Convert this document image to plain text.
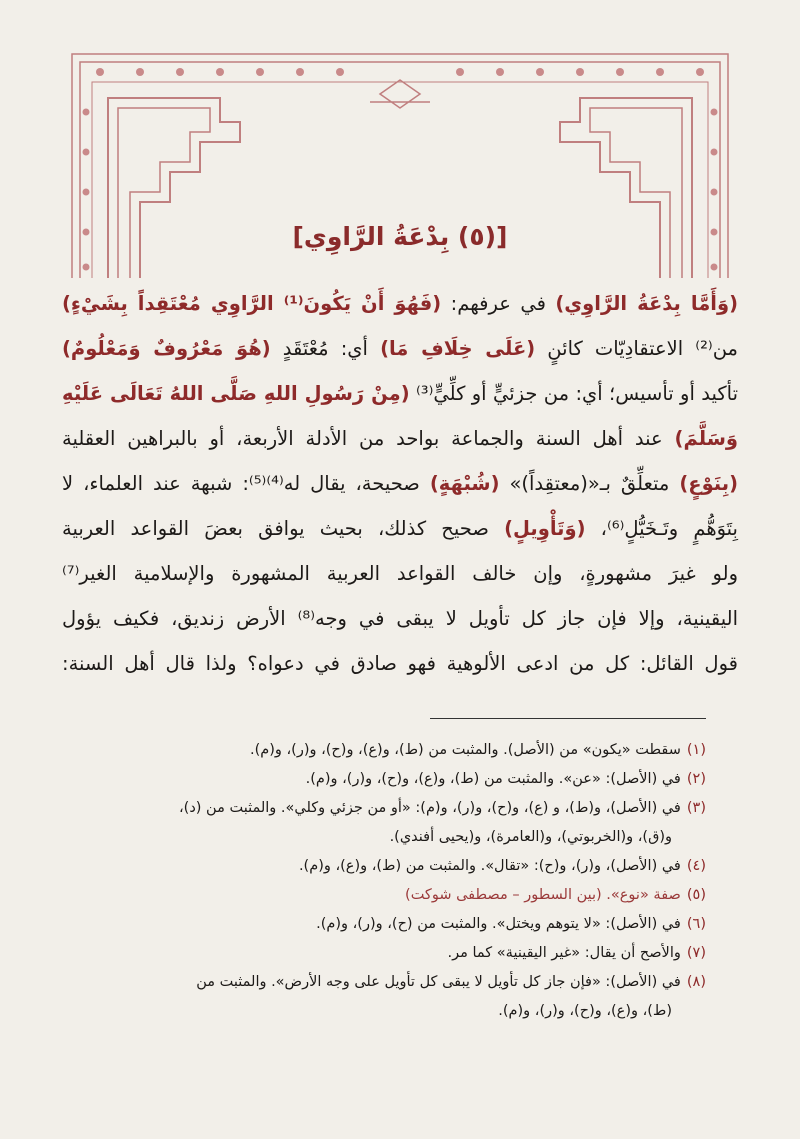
[(٥) بِدْعَةُ الرَّاوِي]
(وَأَمَّا بِدْعَةُ الرَّاوِي) في عرفهم: (فَهُوَ أَنْ يَكُونَ⁽¹⁾ الرَّاوِي مُعْتَقِداً بِشَيْءٍ)
من⁽²⁾ الاعتقادِيّات كائنٍ (عَلَى خِلَافِ مَا) أي: مُعْتَقَدٍ (هُوَ مَعْرُوفٌ وَمَعْلُومٌ)
تأكيد أو تأسيس؛ أي: من جزئيٍّ أو كلِّيٍّ⁽³⁾ (مِنْ رَسُولِ اللهِ صَلَّى اللهُ تَعَالَى عَلَيْهِ
وَسَلَّمَ) عند أهل السنة والجماعة بواحد من الأدلة الأربعة، أو بالبراهين العقلية
(بِنَوْعٍ) متعلِّقٌ بـ«(معتقِداً)» (شُبْهَةٍ) صحيحة، يقال له⁽⁴⁾⁽⁵⁾: شبهة عند العلماء، لا
بِتَوَهُّمٍ وتَـخَيُّلٍ⁽⁶⁾، (وَتَأْوِيلٍ) صحيح كذلك، بحيث يوافق بعضَ القواعد العربية
ولو غيرَ مشهورةٍ، وإن خالف القواعد العربية المشهورة والإسلامية الغير⁽⁷⁾
اليقينية، وإلا فإن جاز كل تأويل لا يبقى في وجه⁽⁸⁾ الأرض زنديق، فكيف يؤول
قول القائل: كل من ادعى الألوهية فهو صادق في دعواه؟ ولذا قال أهل السنة:
(١)سقطت «يكون» من (الأصل). والمثبت من (ط)، و(ع)، و(ح)، و(ر)، و(م).
(٢)في (الأصل): «عن». والمثبت من (ط)، و(ع)، و(ح)، و(ر)، و(م).
(٣)في (الأصل)، و(ط)، و (ع)، و(ح)، و(ر)، و(م): «أو من جزئي وكلي». والمثبت من (د)،
و(ق)، و(الخربوتي)، و(العامرة)، و(يحيى أفندي).
(٤)في (الأصل)، و(ر)، و(ح): «تقال». والمثبت من (ط)، و(ع)، و(م).
(٥)صفة «نوع». (بين السطور – مصطفى شوكت)
(٦)في (الأصل): «لا يتوهم ويختل». والمثبت من (ح)، و(ر)، و(م).
(٧)والأصح أن يقال: «غير اليقينية» كما مر.
(٨)في (الأصل): «فإن جاز كل تأويل لا يبقى كل تأويل على وجه الأرض». والمثبت من
(ط)، و(ع)، و(ح)، و(ر)، و(م).
